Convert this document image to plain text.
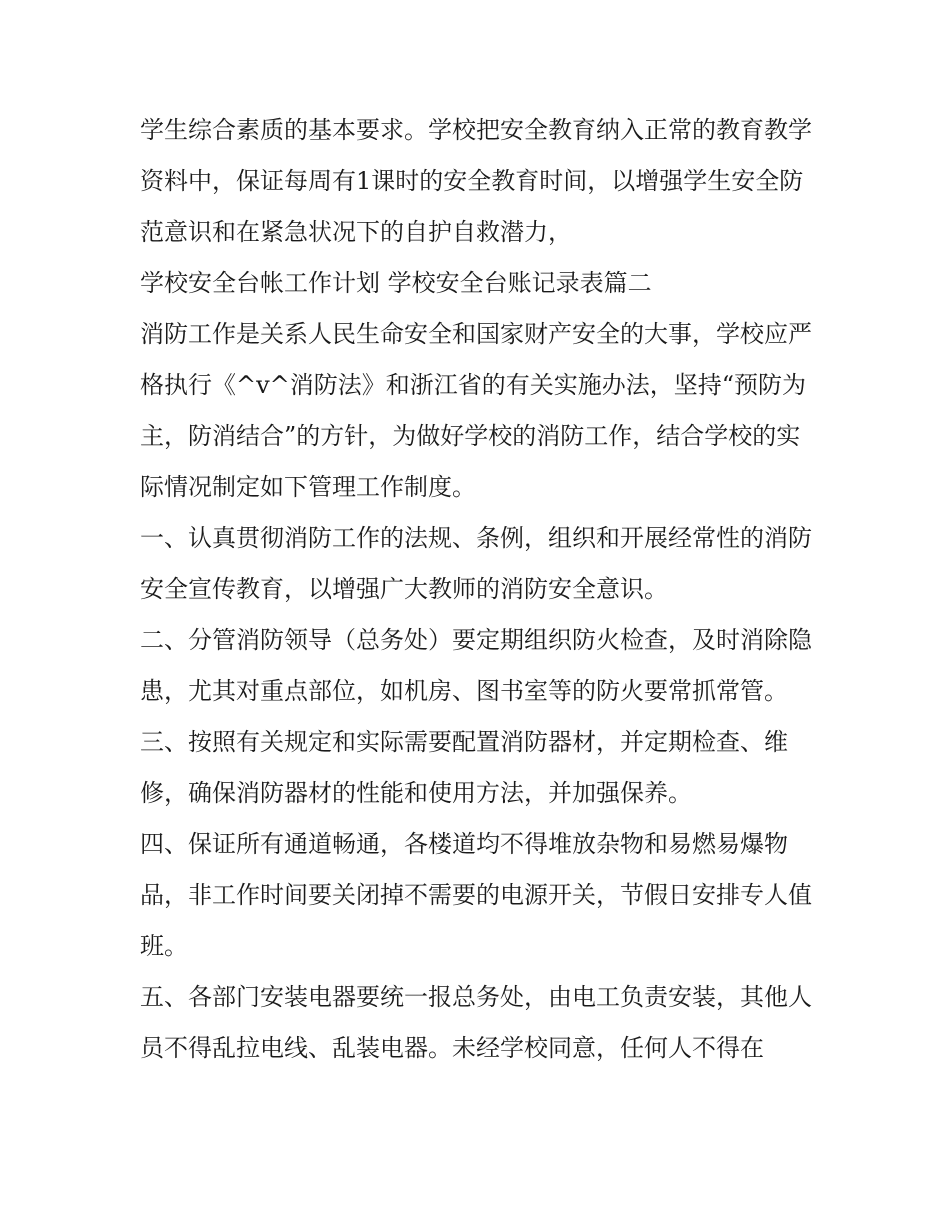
学生综合素质的基本要求。学校把安全教育纳入正常的教育教学资料中，保证每周有1课时的安全教育时间，以增强学生安全防范意识和在紧急状况下的自护自救潜力，

学校安全台帐工作计划 学校安全台账记录表篇二

消防工作是关系人民生命安全和国家财产安全的大事，学校应严格执行《^v^消防法》和浙江省的有关实施办法，坚持“预防为主，防消结合”的方针，为做好学校的消防工作，结合学校的实际情况制定如下管理工作制度。

一、认真贯彻消防工作的法规、条例，组织和开展经常性的消防安全宣传教育，以增强广大教师的消防安全意识。

二、分管消防领导（总务处）要定期组织防火检查，及时消除隐患，尤其对重点部位，如机房、图书室等的防火要常抓常管。

三、按照有关规定和实际需要配置消防器材，并定期检查、维修，确保消防器材的性能和使用方法，并加强保养。

四、保证所有通道畅通，各楼道均不得堆放杂物和易燃易爆物品，非工作时间要关闭掉不需要的电源开关，节假日安排专人值班。

五、各部门安装电器要统一报总务处，由电工负责安装，其他人员不得乱拉电线、乱装电器。未经学校同意，任何人不得在
